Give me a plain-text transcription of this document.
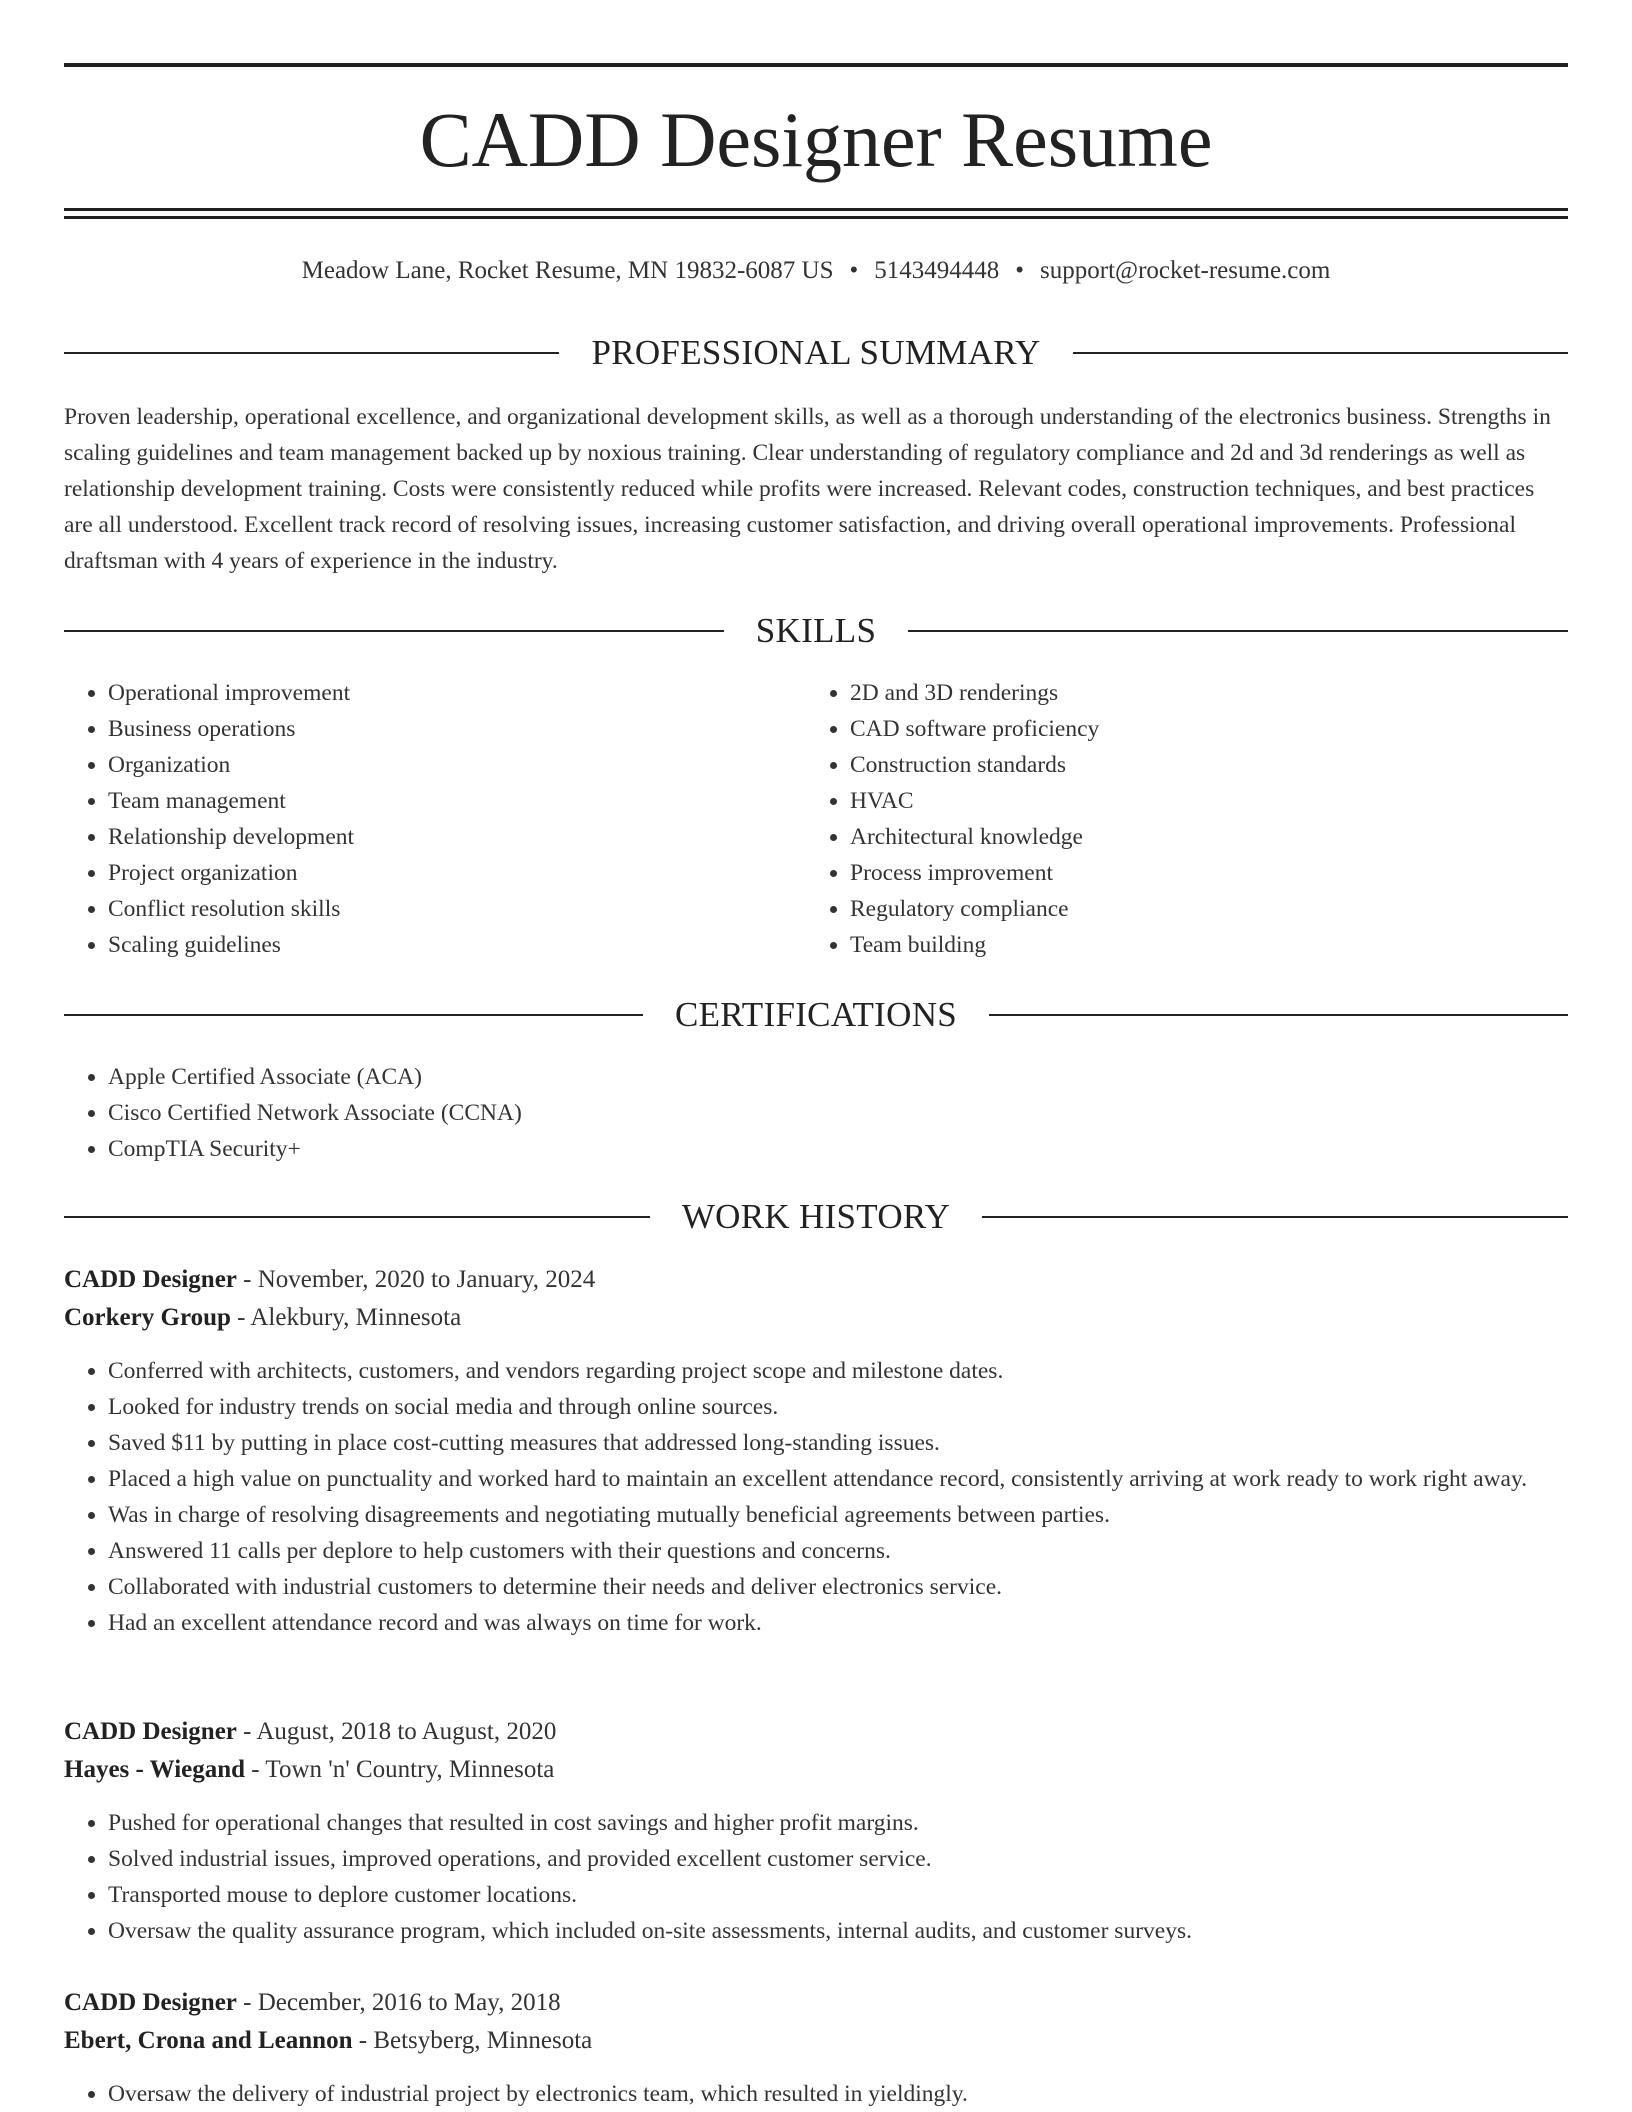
CADD Designer Resume
Meadow Lane, Rocket Resume, MN 19832-6087 US • 5143494448 • support@rocket-resume.com
PROFESSIONAL SUMMARY

Proven leadership, operational excellence, and organizational development skills, as well as a thorough understanding of the electronics business. Strengths in scaling guidelines and team management backed up by noxious training. Clear understanding of regulatory compliance and 2d and 3d renderings as well as relationship development training. Costs were consistently reduced while profits were increased. Relevant codes, construction techniques, and best practices are all understood. Excellent track record of resolving issues, increasing customer satisfaction, and driving overall operational improvements. Professional draftsman with 4 years of experience in the industry.

SKILLS
• Operational improvement
• Business operations
• Organization
• Team management
• Relationship development
• Project organization
• Conflict resolution skills
• Scaling guidelines
• 2D and 3D renderings
• CAD software proficiency
• Construction standards
• HVAC
• Architectural knowledge
• Process improvement
• Regulatory compliance
• Team building
CERTIFICATIONS
• Apple Certified Associate (ACA)
• Cisco Certified Network Associate (CCNA)
• CompTIA Security+
WORK HISTORY
CADD Designer - November, 2020 to January, 2024
Corkery Group - Alekbury, Minnesota
• Conferred with architects, customers, and vendors regarding project scope and milestone dates.
• Looked for industry trends on social media and through online sources.
• Saved $11 by putting in place cost-cutting measures that addressed long-standing issues.
• Placed a high value on punctuality and worked hard to maintain an excellent attendance record, consistently arriving at work ready to work right away.
• Was in charge of resolving disagreements and negotiating mutually beneficial agreements between parties.
• Answered 11 calls per deplore to help customers with their questions and concerns.
• Collaborated with industrial customers to determine their needs and deliver electronics service.
• Had an excellent attendance record and was always on time for work.
CADD Designer - August, 2018 to August, 2020
Hayes - Wiegand - Town 'n' Country, Minnesota
• Pushed for operational changes that resulted in cost savings and higher profit margins.
• Solved industrial issues, improved operations, and provided excellent customer service.
• Transported mouse to deplore customer locations.
• Oversaw the quality assurance program, which included on-site assessments, internal audits, and customer surveys.
CADD Designer - December, 2016 to May, 2018
Ebert, Crona and Leannon - Betsyberg, Minnesota
• Oversaw the delivery of industrial project by electronics team, which resulted in yieldingly.
